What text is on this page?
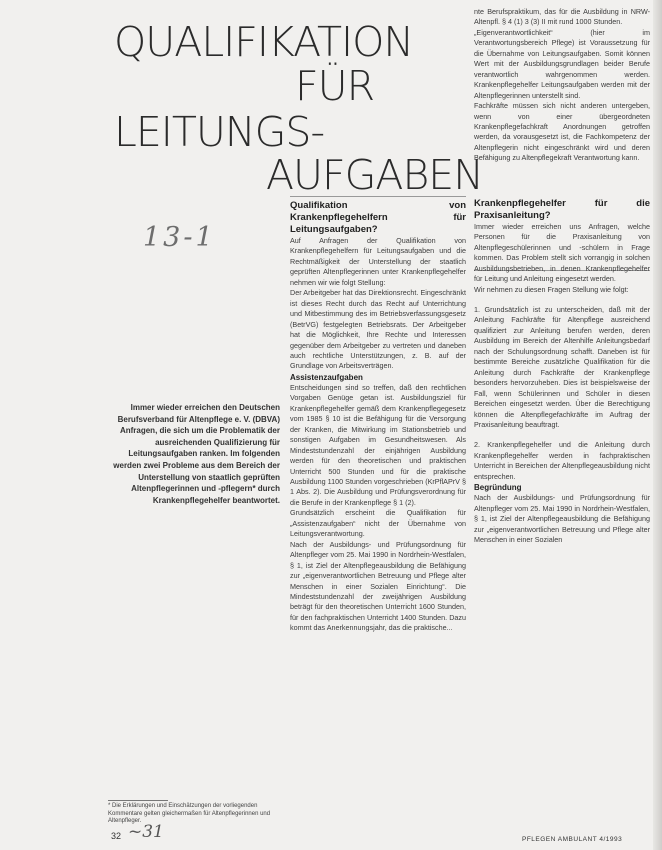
QUALIFIKATION
FÜR
LEITUNGS-
AUFGABEN
13-1
Immer wieder erreichen den Deutschen Berufsverband für Altenpflege e. V. (DBVA) Anfragen, die sich um die Problematik der ausreichenden Qualifizierung für Leitungsaufgaben ranken. Im folgenden werden zwei Probleme aus dem Bereich der Unterstellung von staatlich geprüften Altenpflegerinnen und -pflegern* durch Krankenpflegehelfer beantwortet.

Qualifikation von Krankenpflegehelfern für Leitungsaufgaben?

Auf Anfragen der Qualifikation von Krankenpflegehelfern für Leitungsaufgaben und die Rechtmäßigkeit der Unterstellung der staatlich geprüften Altenpflegerinnen unter Krankenpflegehelfer nehmen wir wie folgt Stellung:

Der Arbeitgeber hat das Direktionsrecht. Eingeschränkt ist dieses Recht durch das Recht auf Unterrichtung und Mitbestimmung des im Betriebsverfassungsgesetz (BetrVG) festgelegten Betriebsrats. Der Arbeitgeber hat die Möglichkeit, Ihre Rechte und Interessen gegenüber dem Arbeitgeber zu vertreten und daneben auch rechtliche Unterstützungen, z. B. auf der Grundlage von Arbeitsverträgen.

Assistenzaufgaben

Entscheidungen sind so treffen, daß den rechtlichen Vorgaben Genüge getan ist. Ausbildungsziel für Krankenpflegehelfer gemäß dem Krankenpflegegesetz vom 1985 § 10 ist die Befähigung für die Versorgung der Kranken, die Mitwirkung im Stationsbetrieb und sonstigen Aufgaben im Gesundheitswesen. Als Mindeststundenzahl der einjährigen Ausbildung werden für den theoretischen und praktischen Unterricht 500 Stunden und für die praktische Ausbildung 1100 Stunden vorgeschrieben (KrPflAPrV § 1 Abs. 2). Die Ausbildung und Prüfungsverordnung für die Berufe in der Krankenpflege § 1 (2).

Grundsätzlich erscheint die Qualifikation für „Assistenzaufgaben“ nicht der Übernahme von Leitungsverantwortung.

Nach der Ausbildungs- und Prüfungsordnung für Altenpfleger vom 25. Mai 1990 in Nordrhein-Westfalen, § 1, ist Ziel der Altenpflegeausbildung die Befähigung zur „eigenverantwortlichen Betreuung und Pflege alter Menschen in einer Sozialen Einrichtung“. Die Mindeststundenzahl der zweijährigen Ausbildung beträgt für den theoretischen Unterricht 1600 Stunden, für den fachpraktischen Unterricht 1400 Stunden. Dazu kommt das Anerkennungsjahr, das die praktische...

nte Berufspraktikum, das für die Ausbildung in NRW-Altenpfl. § 4 (1) 3 (3) II mit rund 1000 Stunden.

„Eigenverantwortlichkeit“ (hier im Verantwortungsbereich Pflege) ist Voraussetzung für die Übernahme von Leitungsaufgaben. Somit können Wert mit der Ausbildungsgrundlagen beider Berufe verantwortlich wahrgenommen werden. Krankenpflegehelfer Leitungsaufgaben werden mit der Altenpflegerinnen unterstellt sind.

Fachkräfte müssen sich nicht anderen untergeben, wenn von einer übergeordneten Krankenpflegefachkraft Anordnungen getroffen werden, da vorausgesetzt ist, die Fachkompetenz der Altenpflegerin nicht eingeschränkt wird und deren Befähigung zu Altenpflegekraft Verantwortung kann.

Krankenpflegehelfer für die Praxisanleitung?

Immer wieder erreichen uns Anfragen, welche Personen für die Praxisanleitung von Altenpflegeschülerinnen und -schülern in Frage kommen. Das Problem stellt sich vorrangig in solchen Ausbildungsbetrieben, in denen Krankenpflegehelfer für Leitung und Anleitung eingesetzt werden.

Wir nehmen zu diesen Fragen Stellung wie folgt:

1. Grundsätzlich ist zu unterscheiden, daß mit der Anleitung Fachkräfte für Altenpflege ausreichend qualifiziert zur Anleitung berufen werden, deren Ausbildung im Bereich der Altenhilfe Anleitungsbedarf nach der Schulungsordnung schafft. Daneben ist für bestimmte Bereiche zusätzliche Qualifikation für die Anleitung durch Fachkräfte der Krankenpflege besonders hervorzuheben. Dies ist beispielsweise der Fall, wenn Schülerinnen und Schüler in diesen Bereichen eingesetzt werden. Über die Berechtigung können die Altenpflegefachkräfte im Auftrag der Praxisanleitung beauftragt.

2. Krankenpflegehelfer und die Anleitung durch Krankenpflegehelfer werden in fachpraktischen Unterricht in Bereichen der Altenpflegeausbildung nicht entsprechen.

Begründung

Nach der Ausbildungs- und Prüfungsordnung für Altenpfleger vom 25. Mai 1990 in Nordrhein-Westfalen, § 1, ist Ziel der Altenpflegeausbildung die Befähigung zur „eigenverantwortlichen Betreuung und Pflege alter Menschen in einer Sozialen

* Die Erklärungen und Einschätzungen der vorliegenden Kommentare gelten gleichermaßen für Altenpflegerinnen und Altenpfleger.
32 ~31	PFLEGEN AMBULANT 4/1993
